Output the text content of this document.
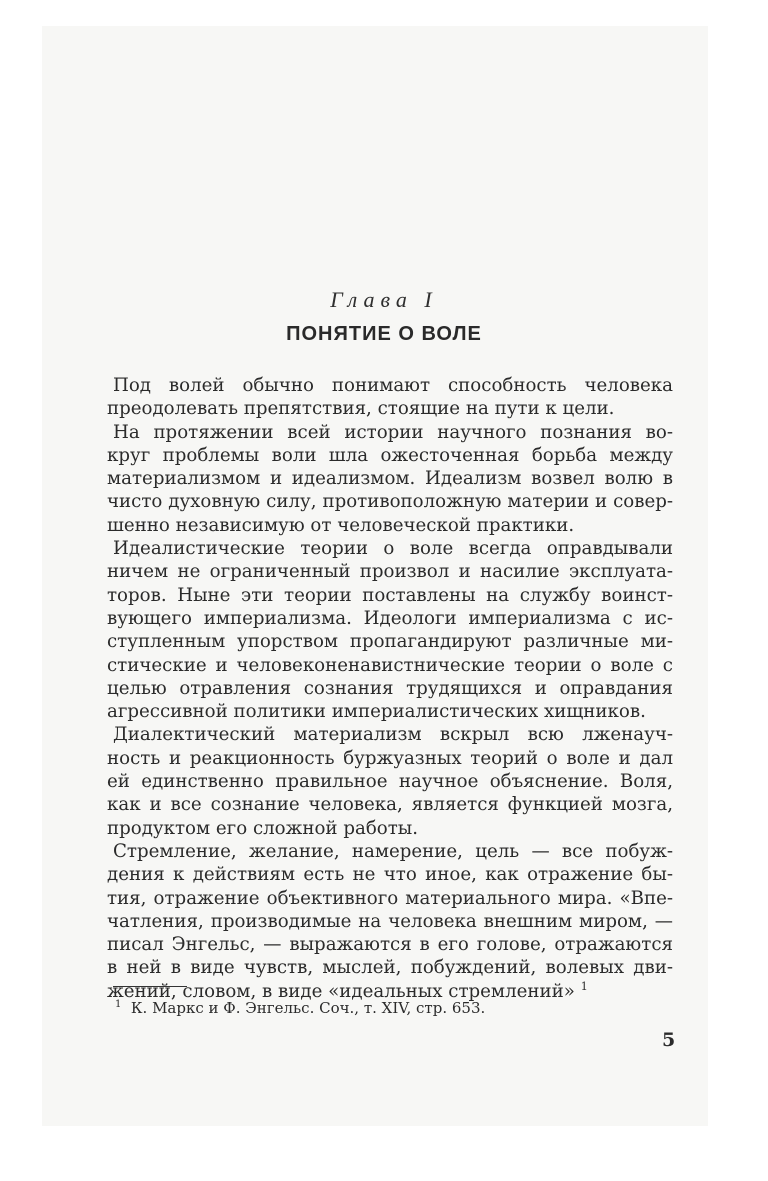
Глава I
ПОНЯТИЕ О ВОЛЕ
Под волей обычно понимают способность человека
преодолевать препятствия, стоящие на пути к цели.
На протяжении всей истории научного познания во-
круг проблемы воли шла ожесточенная борьба между
материализмом и идеализмом. Идеализм возвел волю в
чисто духовную силу, противоположную материи и совер-
шенно независимую от человеческой практики.
Идеалистические теории о воле всегда оправдывали
ничем не ограниченный произвол и насилие эксплуата-
торов. Ныне эти теории поставлены на службу воинст-
вующего империализма. Идеологи империализма с ис-
ступленным упорством пропагандируют различные ми-
стические и человеконенавистнические теории о воле с
целью отравления сознания трудящихся и оправдания
агрессивной политики империалистических хищников.
Диалектический материализм вскрыл всю лженауч-
ность и реакционность буржуазных теорий о воле и дал
ей единственно правильное научное объяснение. Воля,
как и все сознание человека, является функцией мозга,
продуктом его сложной работы.
Стремление, желание, намерение, цель — все побуж-
дения к действиям есть не что иное, как отражение бы-
тия, отражение объективного материального мира. «Впе-
чатления, производимые на человека внешним миром, —
писал Энгельс, — выражаются в его голове, отражаются
в ней в виде чувств, мыслей, побуждений, волевых дви-
жений, словом, в виде «идеальных стремлений» $^1$
$^1$ К. Маркс и Ф. Энгельс. Соч., т. XIV, стр. 653.
5
